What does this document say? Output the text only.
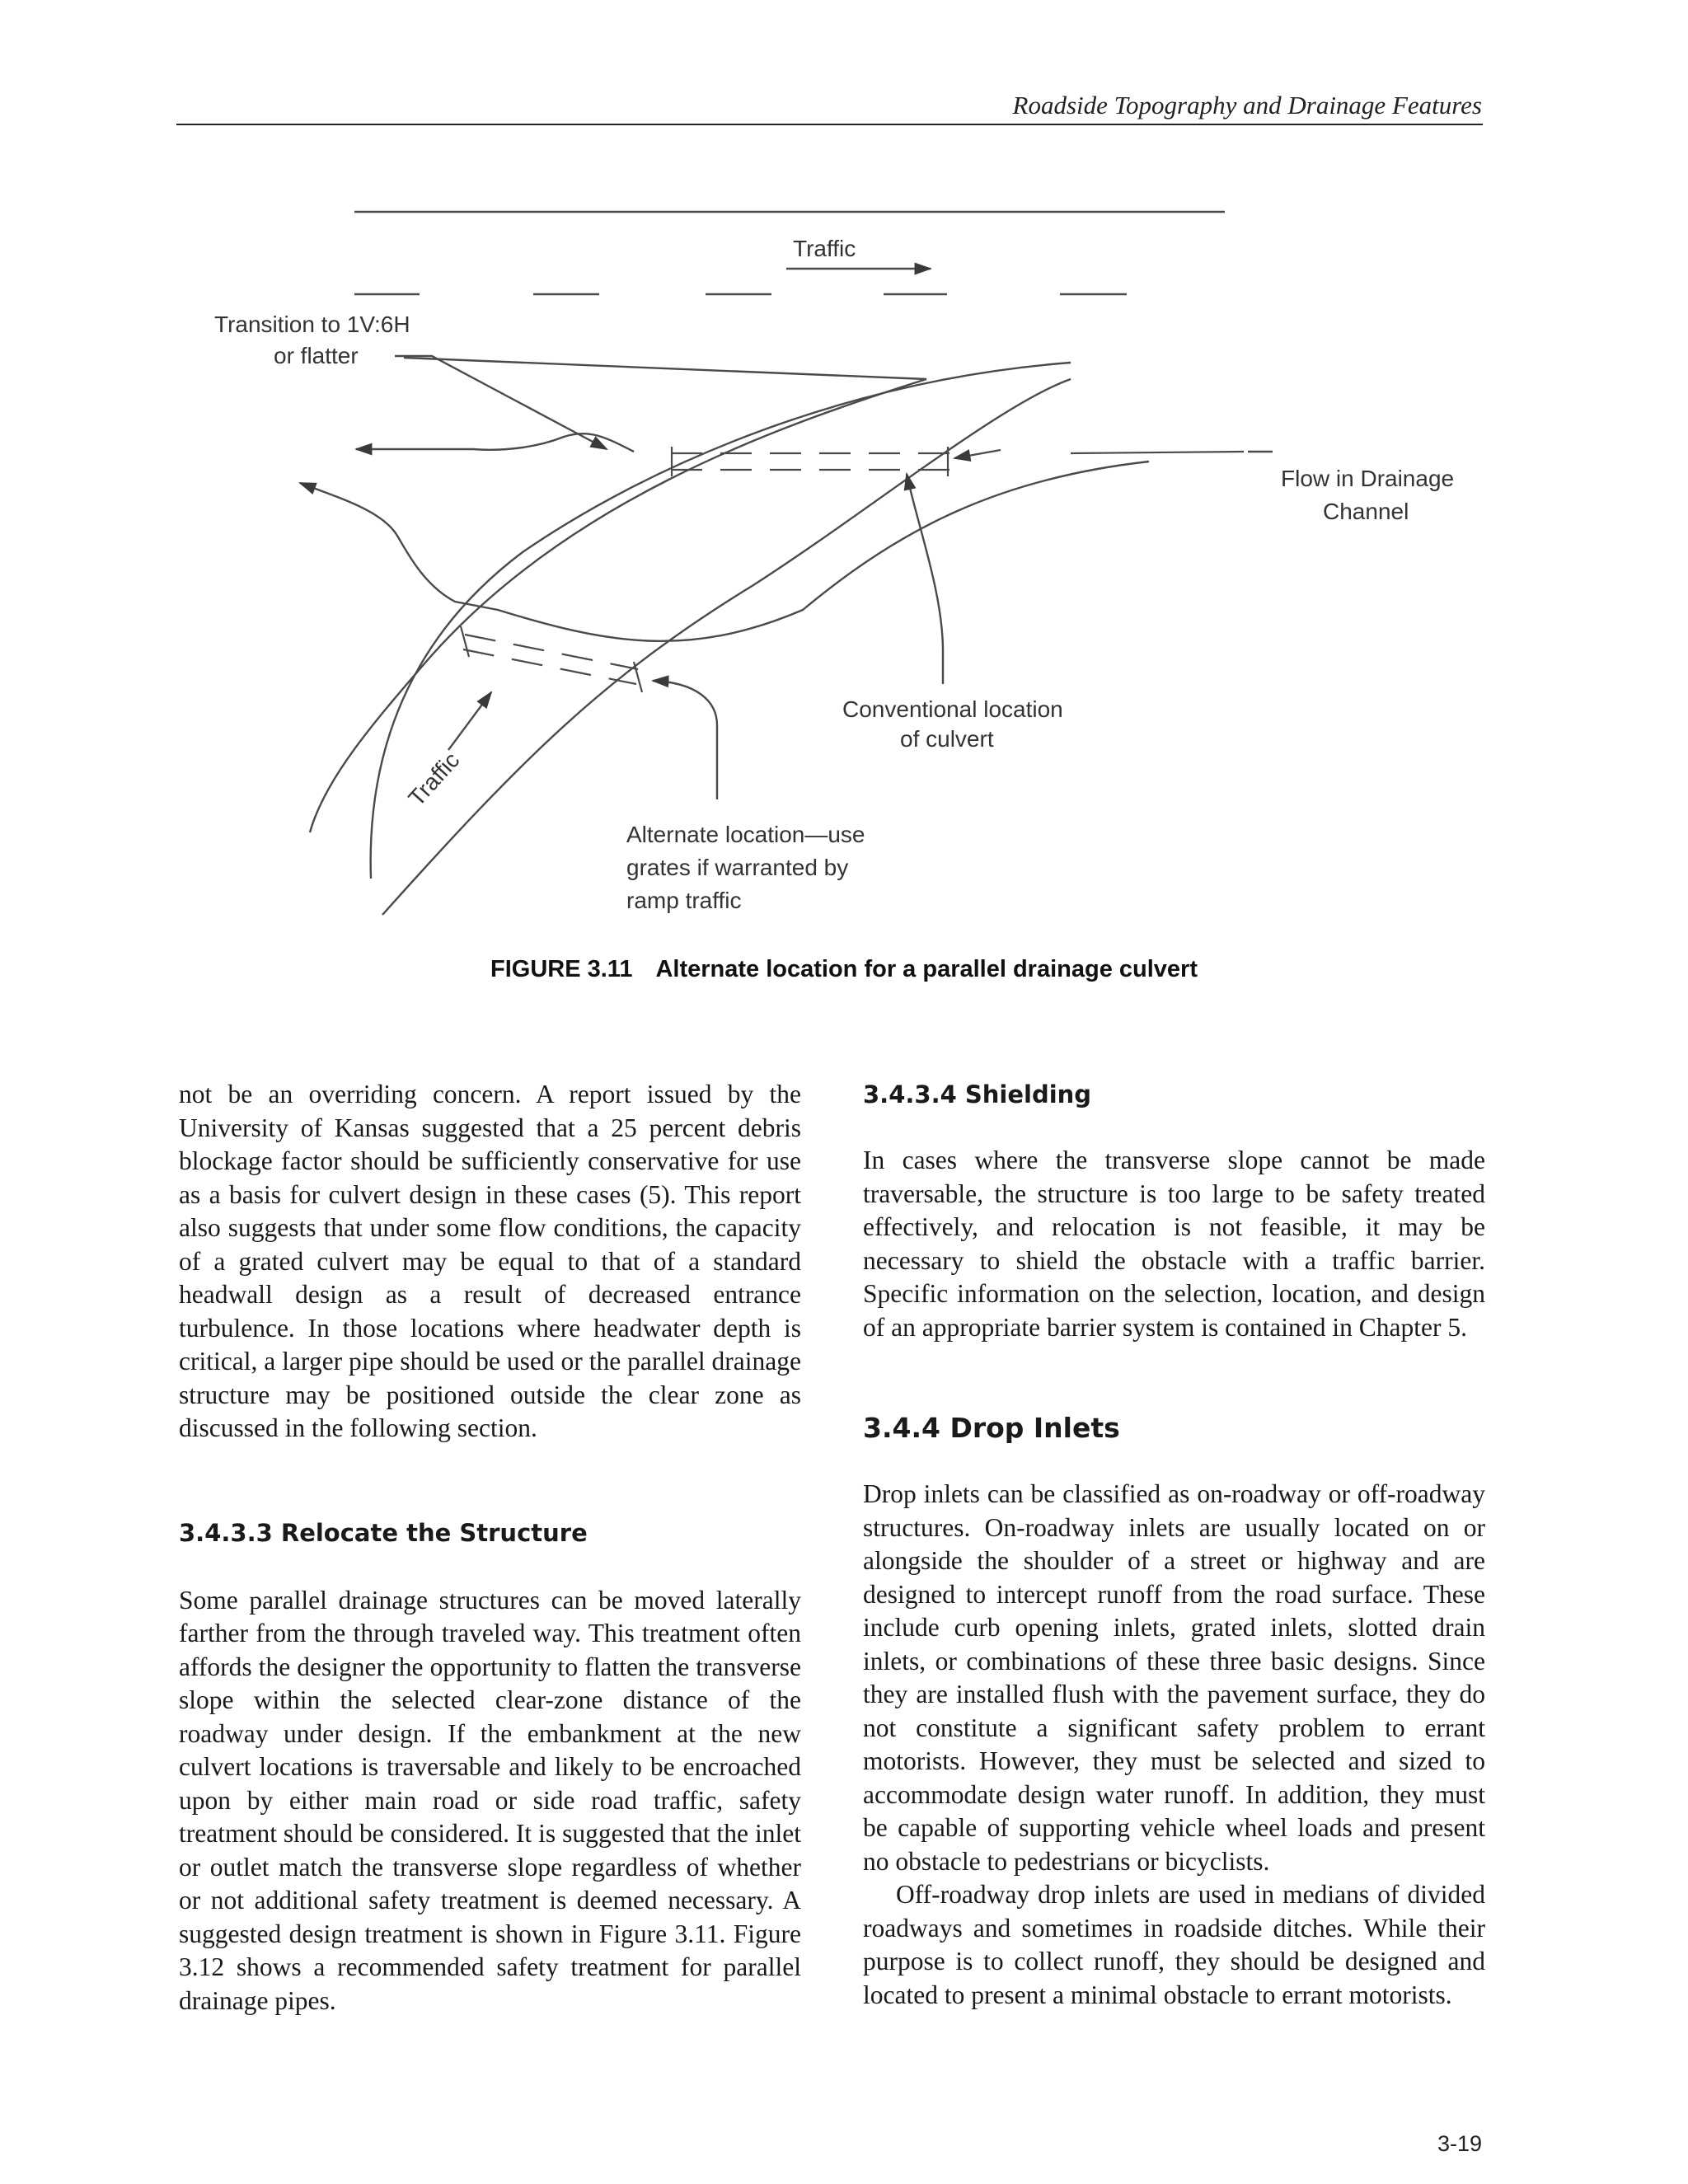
Roadside Topography and Drainage Features
Traffic
Transition to 1V:6H
or flatter
Flow in Drainage
Channel
Conventional location
of culvert
Traffic
Alternate location—use
grates if warranted by
ramp traffic
FIGURE 3.11 Alternate location for a parallel drainage culvert

not be an overriding concern. A report issued by the University of Kansas suggested that a 25 percent debris blockage factor should be sufficiently conservative for use as a basis for culvert design in these cases (5). This report also suggests that under some flow conditions, the capacity of a grated culvert may be equal to that of a standard headwall design as a result of decreased entrance turbulence. In those locations where headwater depth is critical, a larger pipe should be used or the parallel drainage structure may be positioned outside the clear zone as discussed in the following section.

3.4.3.3 Relocate the Structure

Some parallel drainage structures can be moved laterally farther from the through traveled way. This treatment often affords the designer the opportunity to flatten the transverse slope within the selected clear-zone distance of the roadway under design. If the embankment at the new culvert locations is traversable and likely to be encroached upon by either main road or side road traffic, safety treatment should be considered. It is suggested that the inlet or outlet match the transverse slope regardless of whether or not additional safety treatment is deemed necessary. A suggested design treatment is shown in Figure 3.11. Figure 3.12 shows a recommended safety treatment for parallel drainage pipes.

3.4.3.4 Shielding

In cases where the transverse slope cannot be made traversable, the structure is too large to be safety treated effectively, and relocation is not feasible, it may be necessary to shield the obstacle with a traffic barrier. Specific information on the selection, location, and design of an appropriate barrier system is contained in Chapter 5.

3.4.4 Drop Inlets

Drop inlets can be classified as on-roadway or off-roadway structures. On-roadway inlets are usually located on or alongside the shoulder of a street or highway and are designed to intercept runoff from the road surface. These include curb opening inlets, grated inlets, slotted drain inlets, or combinations of these three basic designs. Since they are installed flush with the pavement surface, they do not constitute a significant safety problem to errant motorists. However, they must be selected and sized to accommodate design water runoff. In addition, they must be capable of supporting vehicle wheel loads and present no obstacle to pedestrians or bicyclists.

Off-roadway drop inlets are used in medians of divided roadways and sometimes in roadside ditches. While their purpose is to collect runoff, they should be designed and located to present a minimal obstacle to errant motorists.

3-19
